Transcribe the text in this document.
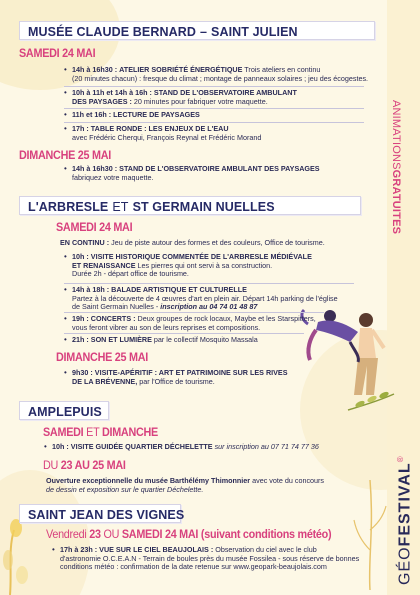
ANIMATIONSGRATUITES
GÉOFESTIVAL®
MUSÉE CLAUDE BERNARD – SAINT JULIEN
SAMEDI 24 MAI
• 14h à 16h30 : ATELIER SOBRIÉTÉ ÉNERGÉTIQUE Trois ateliers en continu
(20 minutes chacun) : fresque du climat ; montage de panneaux solaires ; jeu des écogestes.
• 10h à 11h et 14h à 16h : STAND DE L'OBSERVATOIRE AMBULANT
DES PAYSAGES : 20 minutes pour fabriquer votre maquette.
• 11h et 16h : LECTURE DE PAYSAGES
• 17h : TABLE RONDE : LES ENJEUX DE L'EAU
avec Frédéric Cherqui, François Reynal et Frédéric Morand
DIMANCHE 25 MAI
• 14h à 16h30 : STAND DE L'OBSERVATOIRE AMBULANT DES PAYSAGES
fabriquez votre maquette.
L'ARBRESLE ET ST GERMAIN NUELLES
SAMEDI 24 MAI
EN CONTINU : Jeu de piste autour des formes et des couleurs, Office de tourisme.
• 10h : VISITE HISTORIQUE COMMENTÉE DE L'ARBRESLE MÉDIÉVALE
ET RENAISSANCE Les pierres qui ont servi à sa construction.
Durée 2h - départ office de tourisme.
• 14h à 18h : BALADE ARTISTIQUE ET CULTURELLE
Partez à la découverte de 4 œuvres d'art en plein air. Départ 14h parking de l'église
de Saint Germain Nuelles - inscription au 04 74 01 48 87
• 19h : CONCERTS : Deux groupes de rock locaux, Maybe et les Starspitters,
vous feront vibrer au son de leurs reprises et compositions.
• 21h : SON ET LUMIÈRE par le collectif Mosquito Massala
DIMANCHE 25 MAI
• 9h30 : VISITE-APÉRITIF : ART ET PATRIMOINE SUR LES RIVES
DE LA BRÉVENNE, par l'Office de tourisme.
AMPLEPUIS
SAMEDI ET DIMANCHE
• 10h : VISITE GUIDÉE QUARTIER DÉCHELETTE sur inscription au 07 71 74 77 36
DU 23 AU 25 MAI
Ouverture exceptionnelle du musée Barthélémy Thimonnier avec vote du concours
de dessin et exposition sur le quartier Déchelette.
SAINT JEAN DES VIGNES
Vendredi 23 OU SAMEDI 24 MAI (suivant conditions météo)
• 17h à 23h : VUE SUR LE CIEL BEAUJOLAIS : Observation du ciel avec le club
d'astronomie O.C.E.A.N - Terrain de boules près du musée Fossilea - sous réserve de bonnes
conditions météo : confirmation de la date retenue sur www.geopark-beaujolais.com
